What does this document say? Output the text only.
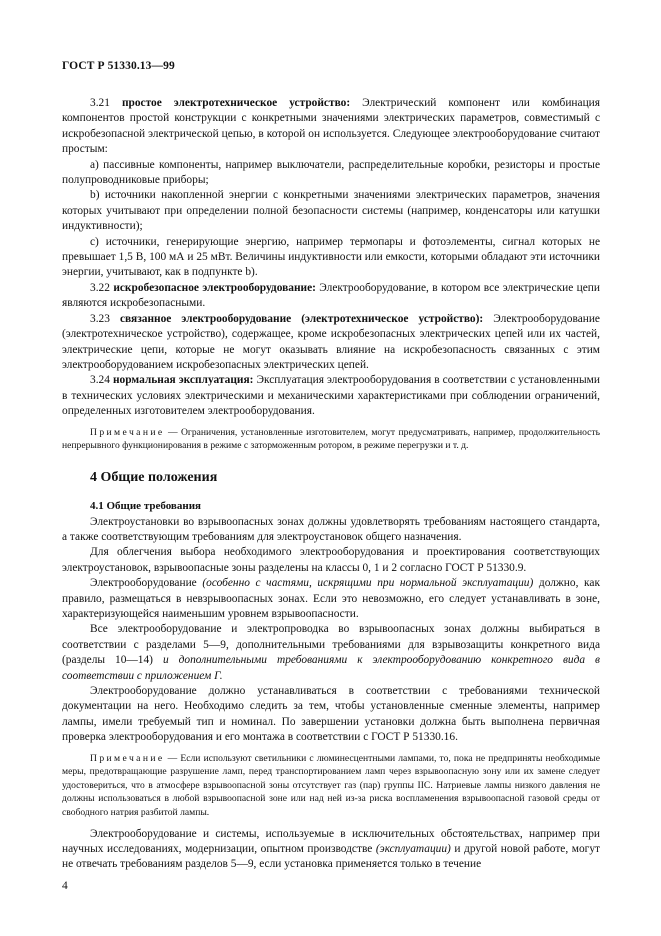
ГОСТ Р 51330.13—99

3.21 простое электротехническое устройство: Электрический компонент или комбинация компонентов простой конструкции с конкретными значениями электрических параметров, совместимый с искробезопасной электрической цепью, в которой он используется. Следующее электрооборудование считают простым:

a) пассивные компоненты, например выключатели, распределительные коробки, резисторы и простые полупроводниковые приборы;

b) источники накопленной энергии с конкретными значениями электрических параметров, значения которых учитывают при определении полной безопасности системы (например, конденсаторы или катушки индуктивности);

c) источники, генерирующие энергию, например термопары и фотоэлементы, сигнал которых не превышает 1,5 В, 100 мА и 25 мВт. Величины индуктивности или емкости, которыми обладают эти источники энергии, учитывают, как в подпункте b).

3.22 искробезопасное электрооборудование: Электрооборудование, в котором все электрические цепи являются искробезопасными.

3.23 связанное электрооборудование (электротехническое устройство): Электрооборудование (электротехническое устройство), содержащее, кроме искробезопасных электрических цепей или их частей, электрические цепи, которые не могут оказывать влияние на искробезопасность связанных с этим электрооборудованием искробезопасных электрических цепей.

3.24 нормальная эксплуатация: Эксплуатация электрооборудования в соответствии с установленными в технических условиях электрическими и механическими характеристиками при соблюдении ограничений, определенных изготовителем электрооборудования.

Примечание — Ограничения, установленные изготовителем, могут предусматривать, например, продолжительность непрерывного функционирования в режиме с заторможенным ротором, в режиме перегрузки и т. д.

4 Общие положения

4.1 Общие требования

Электроустановки во взрывоопасных зонах должны удовлетворять требованиям настоящего стандарта, а также соответствующим требованиям для электроустановок общего назначения.

Для облегчения выбора необходимого электрооборудования и проектирования соответствующих электроустановок, взрывоопасные зоны разделены на классы 0, 1 и 2 согласно ГОСТ Р 51330.9.

Электрооборудование (особенно с частями, искрящими при нормальной эксплуатации) должно, как правило, размещаться в невзрывоопасных зонах. Если это невозможно, его следует устанавливать в зоне, характеризующейся наименьшим уровнем взрывоопасности.

Все электрооборудование и электропроводка во взрывоопасных зонах должны выбираться в соответствии с разделами 5—9, дополнительными требованиями для взрывозащиты конкретного вида (разделы 10—14) и дополнительными требованиями к электрооборудованию конкретного вида в соответствии с приложением Г.

Электрооборудование должно устанавливаться в соответствии с требованиями технической документации на него. Необходимо следить за тем, чтобы установленные сменные элементы, например лампы, имели требуемый тип и номинал. По завершении установки должна быть выполнена первичная проверка электрооборудования и его монтажа в соответствии с ГОСТ Р 51330.16.

Примечание — Если используют светильники с люминесцентными лампами, то, пока не предприняты необходимые меры, предотвращающие разрушение ламп, перед транспортированием ламп через взрывоопасную зону или их замене следует удостовериться, что в атмосфере взрывоопасной зоны отсутствует газ (пар) группы IIC. Натриевые лампы низкого давления не должны использоваться в любой взрывоопасной зоне или над ней из-за риска воспламенения взрывоопасной газовой среды от свободного натрия разбитой лампы.

Электрооборудование и системы, используемые в исключительных обстоятельствах, например при научных исследованиях, модернизации, опытном производстве (эксплуатации) и другой новой работе, могут не отвечать требованиям разделов 5—9, если установка применяется только в течение

4
